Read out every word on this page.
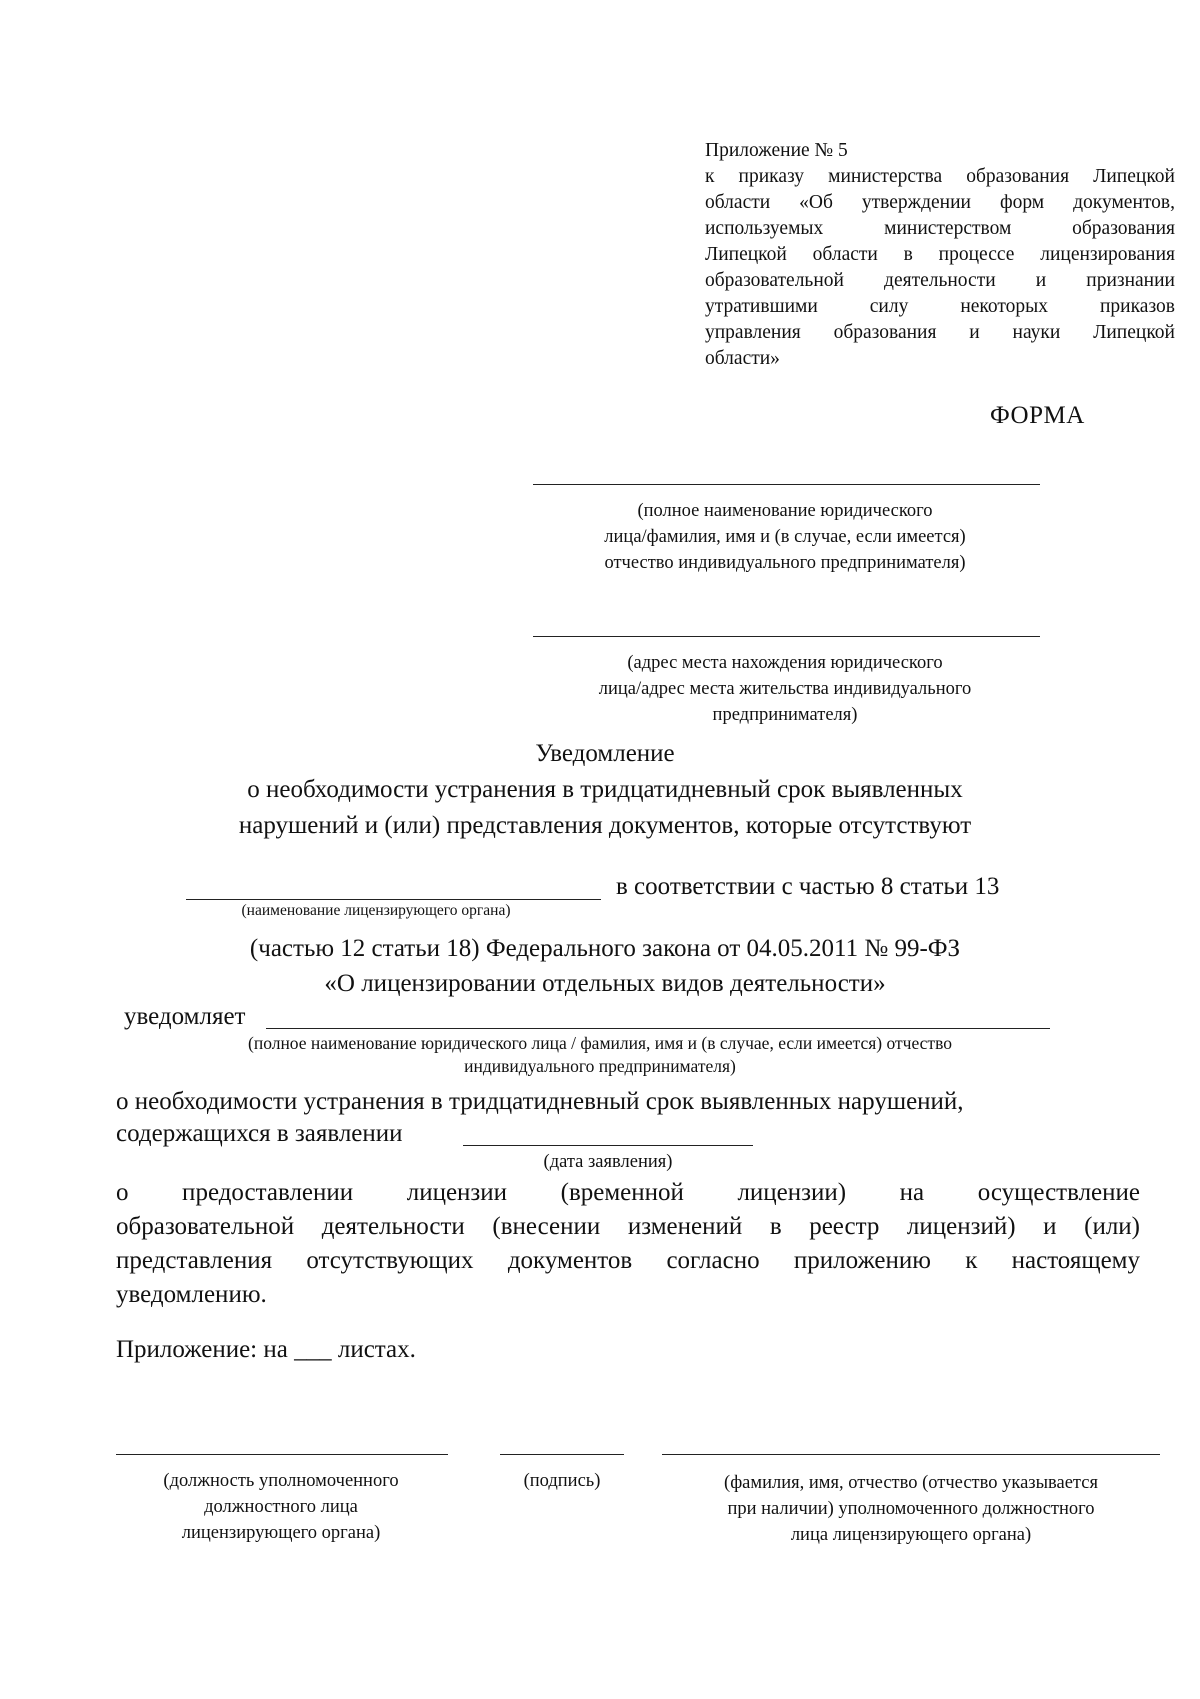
Приложение № 5
к приказу министерства образования Липецкой
области «Об утверждении форм документов,
используемых министерством образования
Липецкой области в процессе лицензирования
образовательной деятельности и признании
утратившими силу некоторых приказов
управления образования и науки Липецкой
области»
ФОРМА
(полное наименование юридического
лица/фамилия, имя и (в случае, если имеется)
отчество индивидуального предпринимателя)
(адрес места нахождения юридического
лица/адрес места жительства индивидуального
предпринимателя)
Уведомление
о необходимости устранения в тридцатидневный срок выявленных
нарушений и (или) представления документов, которые отсутствуют
в соответствии с частью 8 статьи 13
(наименование лицензирующего органа)
(частью 12 статьи 18) Федерального закона от 04.05.2011 № 99-ФЗ
«О лицензировании отдельных видов деятельности»
уведомляет
(полное наименование юридического лица / фамилия, имя и (в случае, если имеется) отчество
индивидуального предпринимателя)
о необходимости устранения в тридцатидневный срок выявленных нарушений,
содержащихся в заявлении
(дата заявления)
о предоставлении лицензии (временной лицензии) на осуществление
образовательной деятельности (внесении изменений в реестр лицензий) и (или)
представления отсутствующих документов согласно приложению к настоящему
уведомлению.
Приложение: на ___ листах.
(должность уполномоченного
должностного лица
лицензирующего органа)
(подпись)	(фамилия, имя, отчество (отчество указывается
при наличии) уполномоченного должностного
лица лицензирующего органа)
